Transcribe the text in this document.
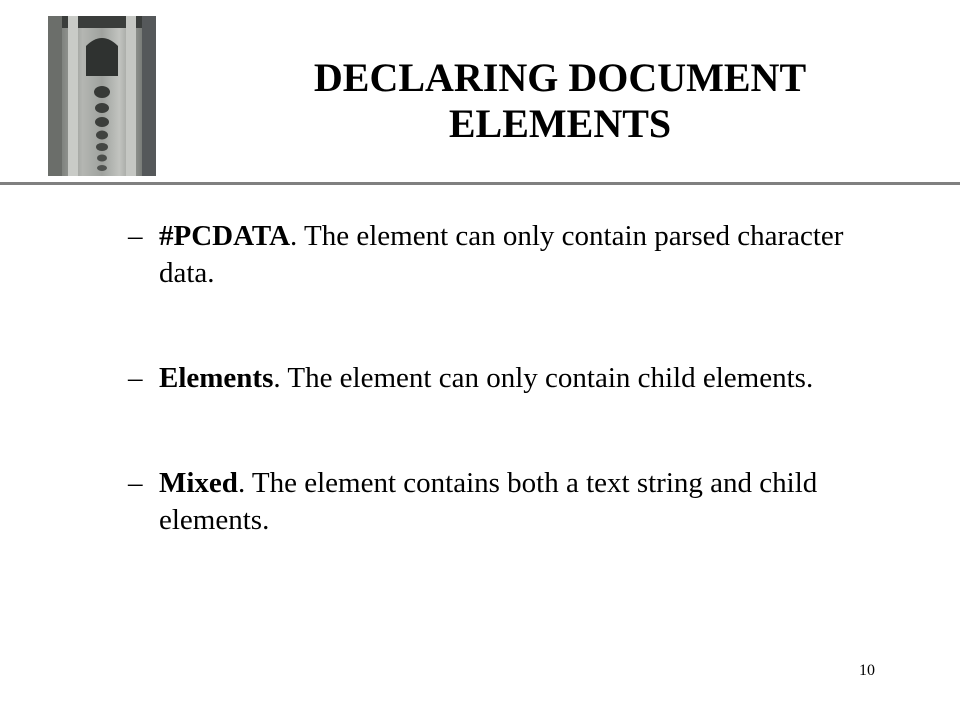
DECLARING DOCUMENT ELEMENTS
– #PCDATA. The element can only contain parsed character data.
– Elements. The element can only contain child elements.
– Mixed. The element contains both a text string and child elements.
10
